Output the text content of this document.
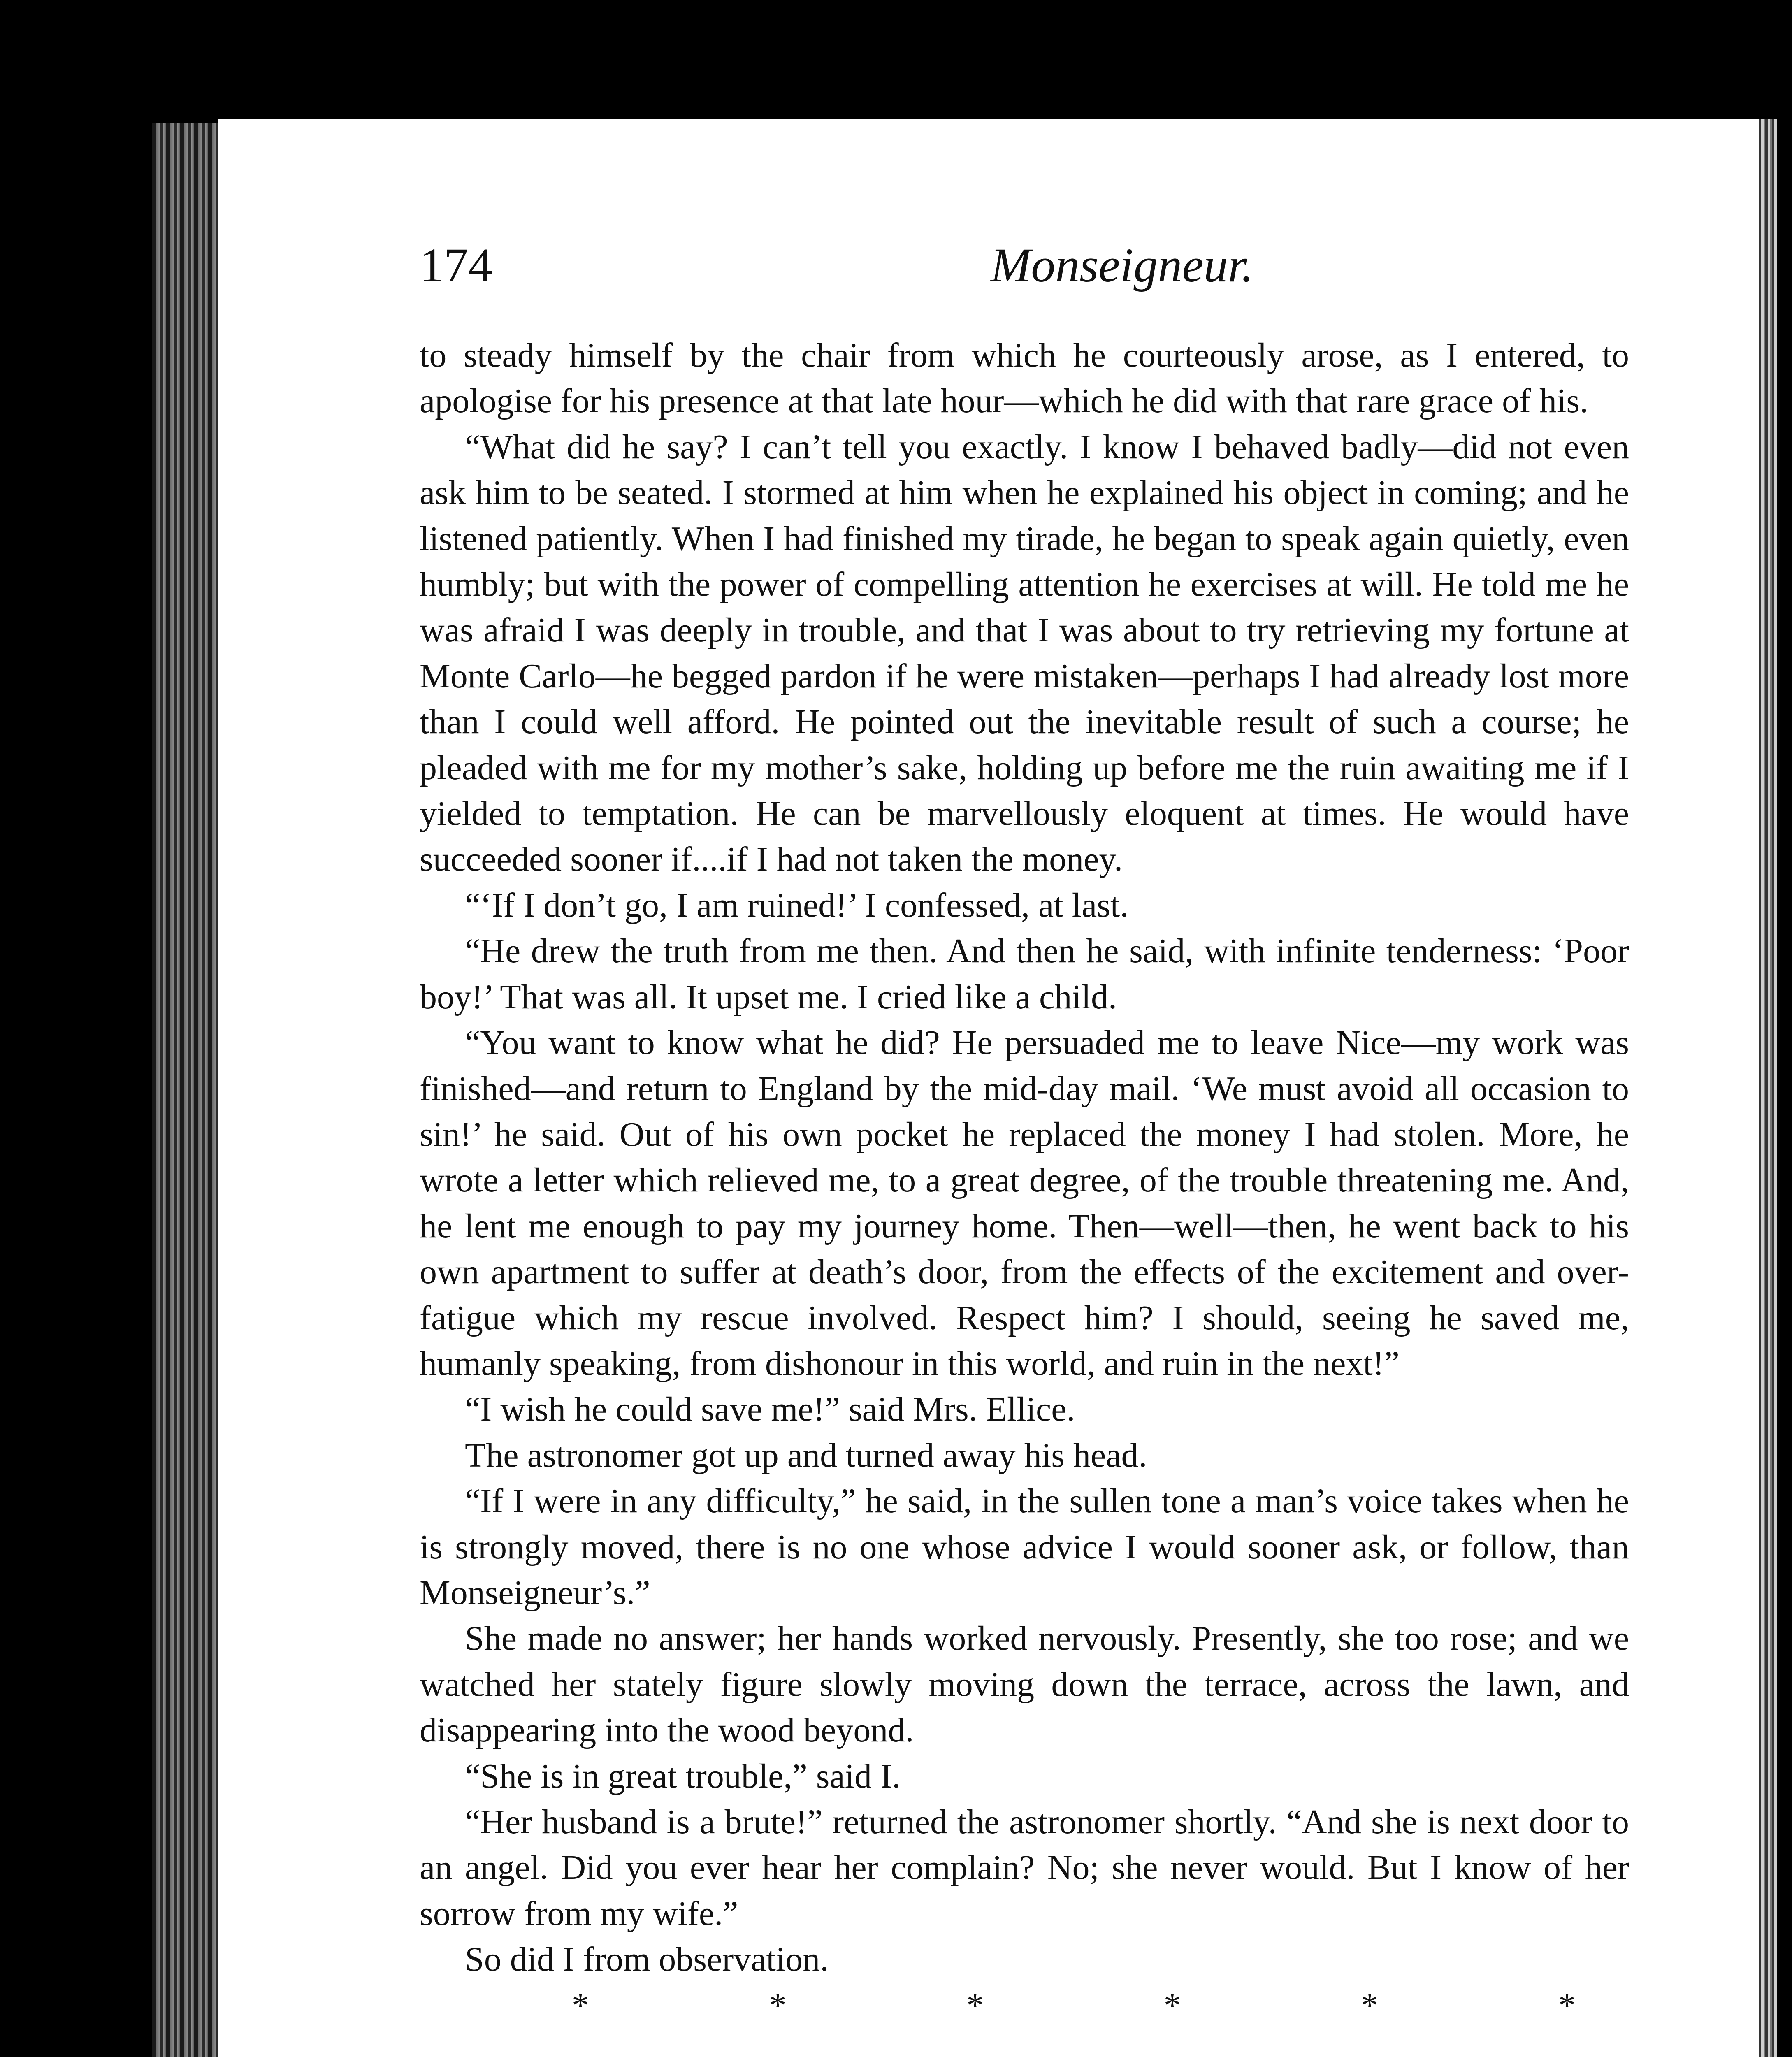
174	Monseigneur.

to steady himself by the chair from which he courteously arose, as I entered, to apologise for his presence at that late hour—which he did with that rare grace of his.

“What did he say? I can’t tell you exactly. I know I behaved badly—did not even ask him to be seated. I stormed at him when he explained his object in coming; and he listened patiently. When I had finished my tirade, he began to speak again quietly, even humbly; but with the power of compelling attention he exercises at will. He told me he was afraid I was deeply in trouble, and that I was about to try retrieving my fortune at Monte Carlo—he begged pardon if he were mistaken—perhaps I had already lost more than I could well afford. He pointed out the inevitable result of such a course; he pleaded with me for my mother’s sake, holding up before me the ruin awaiting me if I yielded to temptation. He can be marvellously eloquent at times. He would have succeeded sooner if....if I had not taken the money.

“‘If I don’t go, I am ruined!’ I confessed, at last.

“He drew the truth from me then. And then he said, with infinite tenderness: ‘Poor boy!’ That was all. It upset me. I cried like a child.

“You want to know what he did? He persuaded me to leave Nice—my work was finished—and return to England by the mid-day mail. ‘We must avoid all occasion to sin!’ he said. Out of his own pocket he replaced the money I had stolen. More, he wrote a letter which relieved me, to a great degree, of the trouble threatening me. And, he lent me enough to pay my journey home. Then—well—then, he went back to his own apartment to suffer at death’s door, from the effects of the excitement and over-fatigue which my rescue involved. Respect him? I should, seeing he saved me, humanly speaking, from dishonour in this world, and ruin in the next!”

“I wish he could save me!” said Mrs. Ellice.

The astronomer got up and turned away his head.

“If I were in any difficulty,” he said, in the sullen tone a man’s voice takes when he is strongly moved, there is no one whose advice I would sooner ask, or follow, than Monseigneur’s.”

She made no answer; her hands worked nervously. Presently, she too rose; and we watched her stately figure slowly moving down the terrace, across the lawn, and disappearing into the wood beyond.

“She is in great trouble,” said I.

“Her husband is a brute!” returned the astronomer shortly. “And she is next door to an angel. Did you ever hear her complain? No; she never would. But I know of her sorrow from my wife.”

So did I from observation.

*	*	*	*	*	*
